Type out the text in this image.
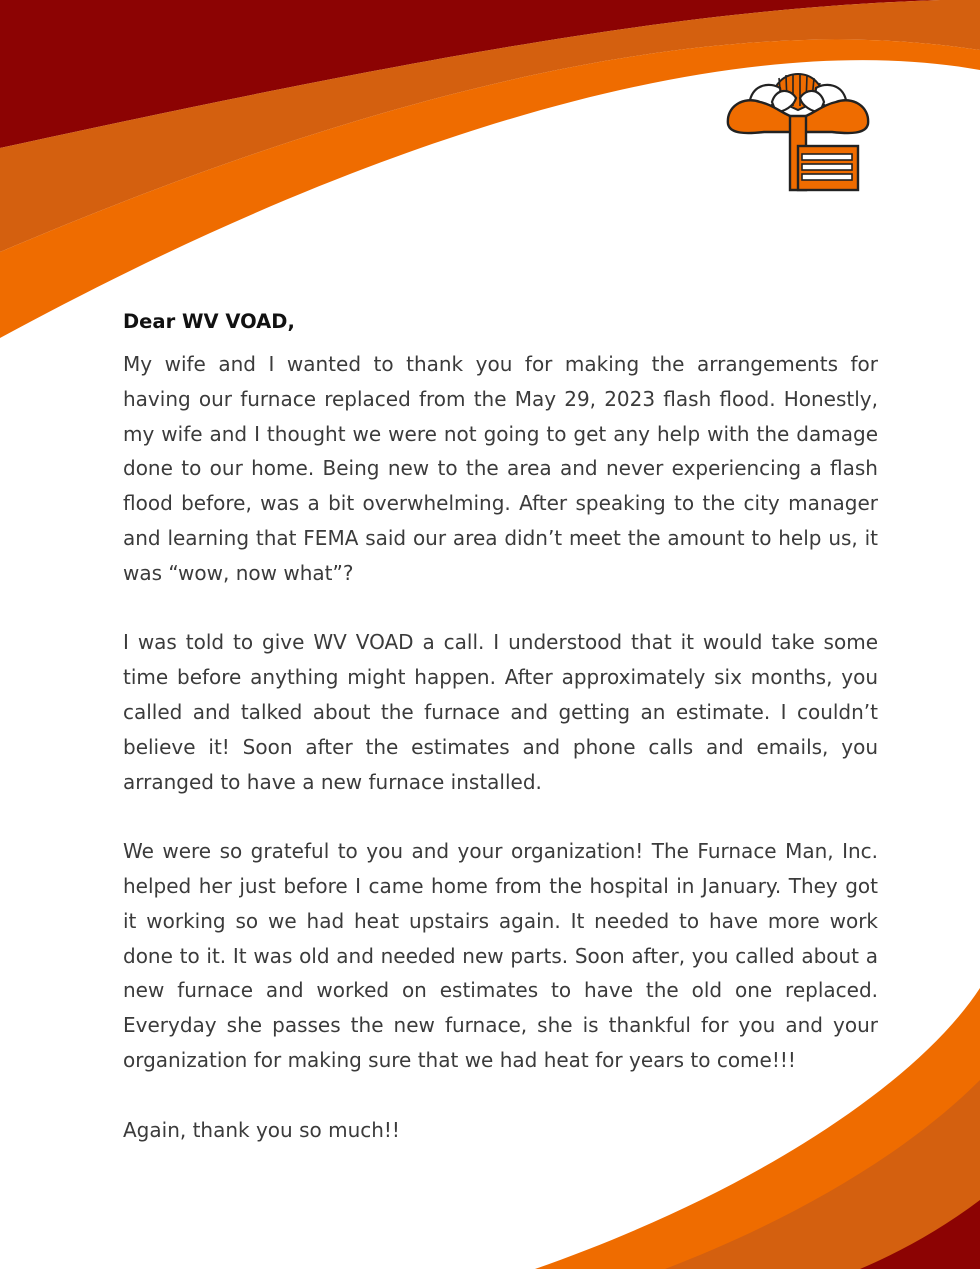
Dear WV VOAD,

My wife and I wanted to thank you for making the arrangements for having our furnace replaced from the May 29, 2023 flash flood. Honestly, my wife and I thought we were not going to get any help with the damage done to our home. Being new to the area and never experiencing a flash flood before, was a bit overwhelming. After speaking to the city manager and learning that FEMA said our area didn’t meet the amount to help us, it was “wow, now what”?

I was told to give WV VOAD a call. I understood that it would take some time before anything might happen. After approximately six months, you called and talked about the furnace and getting an estimate. I couldn’t believe it! Soon after the estimates and phone calls and emails, you arranged to have a new furnace installed.

We were so grateful to you and your organization! The Furnace Man, Inc. helped her just before I came home from the hospital in January. They got it working so we had heat upstairs again. It needed to have more work done to it. It was old and needed new parts. Soon after, you called about a new furnace and worked on estimates to have the old one replaced. Everyday she passes the new furnace, she is thankful for you and your organization for making sure that we had heat for years to come!!!

Again, thank you so much!!
